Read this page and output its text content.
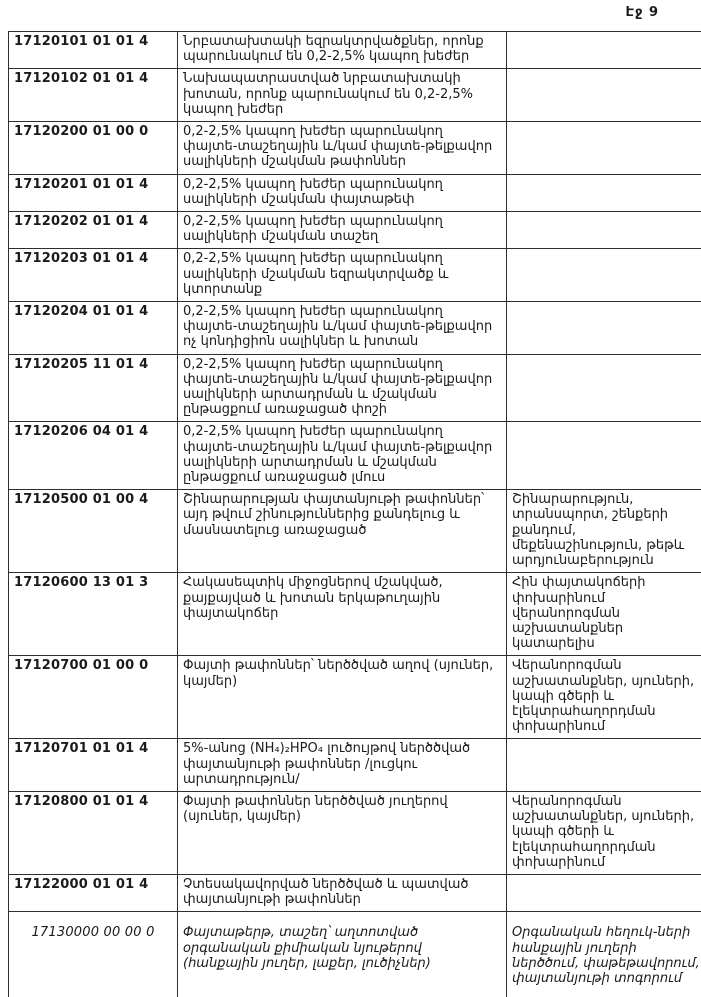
Էջ 9
17120101 01 01 4	Նրբատախտակի եզրակտրվածքներ, որոնք պարունակում են 0,2-2,5% կապող խեժեր	
17120102 01 01 4	Նախապատրաստված նրբատախտակի խոտան, որոնք պարունակում են 0,2-2,5% կապող խեժեր	
17120200 01 00 0	0,2-2,5% կապող խեժեր պարունակող փայտե-տաշեղային և/կամ փայտե-թելքավոր սալիկների մշակման թափոններ	
17120201 01 01 4	0,2-2,5% կապող խեժեր պարունակող սալիկների մշակման փայտաթեփ	
17120202 01 01 4	0,2-2,5% կապող խեժեր պարունակող սալիկների մշակման տաշեղ	
17120203 01 01 4	0,2-2,5% կապող խեժեր պարունակող սալիկների մշակման եզրակտրվածք և կտորտանք	
17120204 01 01 4	0,2-2,5% կապող խեժեր պարունակող փայտե-տաշեղային և/կամ փայտե-թելքավոր ոչ կոնդիցիոն սալիկներ և խոտան	
17120205 11 01 4	0,2-2,5% կապող խեժեր պարունակող փայտե-տաշեղային և/կամ փայտե-թելքավոր սալիկների արտադրման և մշակման ընթացքում առաջացած փոշի	
17120206 04 01 4	0,2-2,5% կապող խեժեր պարունակող փայտե-տաշեղային և/կամ փայտե-թելքավոր սալիկների արտադրման և մշակման ընթացքում առաջացած լմուս	
17120500 01 00 4	Շինարարության փայտանյութի թափոններ՝ այդ թվում շինություններից քանդելուց և մասնատելուց առաջացած	Շինարարություն, տրանսպորտ, շենքերի քանդում, մեքենաշինություն, թեթև արդյունաբերություն
17120600 13 01 3	Հակասեպտիկ միջոցներով մշակված, քայքայված և խոտան երկաթուղային փայտակոճեր	Հին փայտակոճերի փոխարինում վերանորոգման աշխատանքներ կատարելիս
17120700 01 00 0	Փայտի թափոններ՝ ներծծված աղով (սյուներ, կայմեր)	Վերանորոգման աշխատանքներ, սյուների, կապի գծերի և էլեկտրահաղորդման փոխարինում
17120701 01 01 4	5%-անոց (NH₄)₂HPO₄ լուծույթով ներծծված փայտանյութի թափոններ /լուցկու արտադրություն/	
17120800 01 01 4	Փայտի թափոններ ներծծված յուղերով (սյուներ, կայմեր)	Վերանորոգման աշխատանքներ, սյուների, կապի գծերի և էլեկտրահաղորդման փոխարինում
17122000 01 01 4	Չտեսակավորված ներծծված և պատված փայտանյութի թափոններ	
17130000 00 00 0	Փայտաթերթ, տաշեղ՝ աղտոտված օրգանական քիմիական նյութերով (հանքային յուղեր, լաքեր, լուծիչներ)	Օրգանական հեղուկ-ների հանքային յուղերի ներծծում, փաթեթավորում, փայտանյութի տոգորում
